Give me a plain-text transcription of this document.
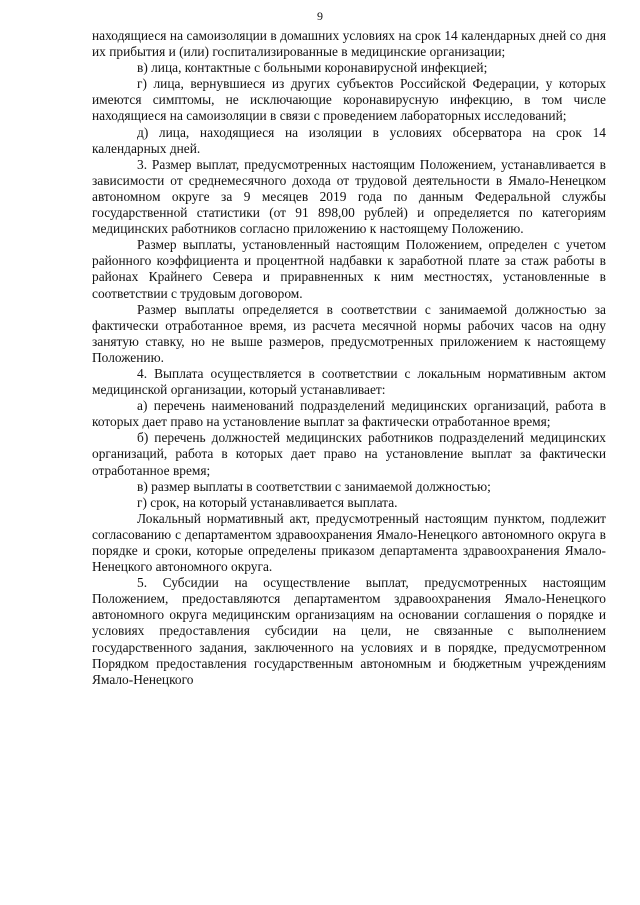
9

находящиеся на самоизоляции в домашних условиях на срок 14 календарных дней со дня их прибытия и (или) госпитализированные в медицинские организации;

в) лица, контактные с больными коронавирусной инфекцией;

г) лица, вернувшиеся из других субъектов Российской Федерации, у которых имеются симптомы, не исключающие коронавирусную инфекцию, в том числе находящиеся на самоизоляции в связи с проведением лабораторных исследований;

д) лица, находящиеся на изоляции в условиях обсерватора на срок 14 календарных дней.

3. Размер выплат, предусмотренных настоящим Положением, устанавливается в зависимости от среднемесячного дохода от трудовой деятельности в Ямало-Ненецком автономном округе за 9 месяцев 2019 года по данным Федеральной службы государственной статистики (от 91 898,00 рублей) и определяется по категориям медицинских работников согласно приложению к настоящему Положению.

Размер выплаты, установленный настоящим Положением, определен с учетом районного коэффициента и процентной надбавки к заработной плате за стаж работы в районах Крайнего Севера и приравненных к ним местностях, установленные в соответствии с трудовым договором.

Размер выплаты определяется в соответствии с занимаемой должностью за фактически отработанное время, из расчета месячной нормы рабочих часов на одну занятую ставку, но не выше размеров, предусмотренных приложением к настоящему Положению.

4. Выплата осуществляется в соответствии с локальным нормативным актом медицинской организации, который устанавливает:

а) перечень наименований подразделений медицинских организаций, работа в которых дает право на установление выплат за фактически отработанное время;

б) перечень должностей медицинских работников подразделений медицинских организаций, работа в которых дает право на установление выплат за фактически отработанное время;

в) размер выплаты в соответствии с занимаемой должностью;

г) срок, на который устанавливается выплата.

Локальный нормативный акт, предусмотренный настоящим пунктом, подлежит согласованию с департаментом здравоохранения Ямало-Ненецкого автономного округа в порядке и сроки, которые определены приказом департамента здравоохранения Ямало-Ненецкого автономного округа.

5. Субсидии на осуществление выплат, предусмотренных настоящим Положением, предоставляются департаментом здравоохранения Ямало-Ненецкого автономного округа медицинским организациям на основании соглашения о порядке и условиях предоставления субсидии на цели, не связанные с выполнением государственного задания, заключенного на условиях и в порядке, предусмотренном Порядком предоставления государственным автономным и бюджетным учреждениям Ямало-Ненецкого
